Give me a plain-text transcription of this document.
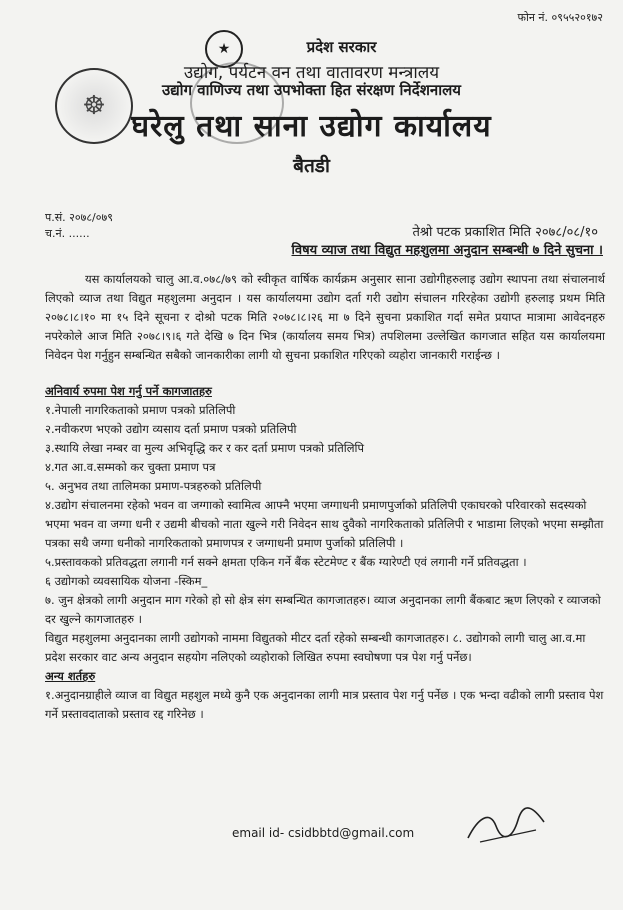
फोन नं. ०९५५२०१७२
☸
★	प्रदेश सरकार
उद्योग, पर्यटन वन तथा वातावरण मन्त्रालय
उद्योग वाणिज्य तथा उपभोक्ता हित संरक्षण निर्देशनालय
घरेलु तथा साना उद्योग कार्यालय
बैतडी
प.सं. २०७८/०७९
च.नं. ......	तेश्रो पटक प्रकाशित मिति २०७८/०८/१०
विषय व्याज तथा विद्युत महशुलमा अनुदान सम्बन्धी ७ दिने सुचना ।
यस कार्यालयको चालु आ.व.०७८/७९ को स्वीकृत वार्षिक कार्यक्रम अनुसार साना उद्योगीहरुलाइ उद्योग स्थापना तथा संचालनार्थ लिएको व्याज तथा विद्युत महशुलमा अनुदान । यस कार्यालयमा उद्योग दर्ता गरी उद्योग संचालन गरिरहेका उद्योगी हरुलाइ प्रथम मिति २०७८।८।१० मा १५ दिने सूचना र दोश्रो पटक मिति २०७८।८।२६ मा ७ दिने सुचना प्रकाशित गर्दा समेत प्रयाप्त मात्रामा आवेदनहरु नपरेकोले आज मिति २०७८।९।६ गते देखि ७ दिन भित्र (कार्यालय समय भित्र) तपशिलमा उल्लेखित कागजात सहित यस कार्यालयमा निवेदन पेश गर्नुहुन सम्बन्धित सबैको जानकारीका लागी यो सुचना प्रकाशित गरिएको व्यहोरा जानकारी गराईन्छ ।

अनिवार्य रुपमा पेश गर्नु पर्ने कागजातहरु

१.नेपाली नागरिकताको प्रमाण पत्रको प्रतिलिपी

२.नवीकरण भएको उद्योग व्यसाय दर्ता प्रमाण पत्रको प्रतिलिपी

३.स्थायि लेखा नम्बर वा मुल्य अभिवृद्धि कर र कर दर्ता प्रमाण पत्रको प्रतिलिपि

४.गत आ.व.सम्मको कर चुक्ता प्रमाण पत्र

५. अनुभव तथा तालिमका प्रमाण-पत्रहरुको प्रतिलिपी

४.उद्योग संचालनमा रहेको भवन वा जग्गाको स्वामित्व आफ्नै भएमा जग्गाधनी प्रमाणपुर्जाको प्रतिलिपी एकाघरको परिवारको सदस्यको भएमा भवन वा जग्गा धनी र उद्यमी बीचको नाता खुल्ने गरी निवेदन साथ दुवैको नागरिकताको प्रतिलिपी र भाडामा लिएको भएमा सम्झौता पत्रका सथै जग्गा धनीको नागरिकताको प्रमाणपत्र र जग्गाधनी प्रमाण पुर्जाको प्रतिलिपी ।

५.प्रस्तावकको प्रतिवद्धता लगानी गर्न सक्ने क्षमता एकिन गर्ने बैंक स्टेटमेण्ट र बैंक ग्यारेण्टी एवं लगानी गर्ने प्रतिवद्धता ।

६ उद्योगको व्यवसायिक योजना -स्किम_

७. जुन क्षेत्रको लागी अनुदान माग गरेको हो सो क्षेत्र संग सम्बन्धित कागजातहरु। व्याज अनुदानका लागी बैंकबाट ऋण लिएको र व्याजको दर खुल्ने कागजातहरु ।

विद्युत महशुलमा अनुदानका लागी उद्योगको नाममा विद्युतको मीटर दर्ता रहेको सम्बन्धी कागजातहरु। ८. उद्योगको लागी चालु आ.व.मा प्रदेश सरकार वाट अन्य अनुदान सहयोग नलिएको व्यहोराको लिखित रुपमा स्वघोषणा पत्र पेश गर्नु पर्नेछ।

अन्य शर्तहरु

१.अनुदानग्राहीले व्याज वा विद्युत महशुल मध्ये कुनै एक अनुदानका लागी मात्र प्रस्ताव पेश गर्नु पर्नेछ । एक भन्दा वढीको लागी प्रस्ताव पेश गर्ने प्रस्तावदाताको प्रस्ताव रद्द गरिनेछ ।

email id- csidbbtd@gmail.com
